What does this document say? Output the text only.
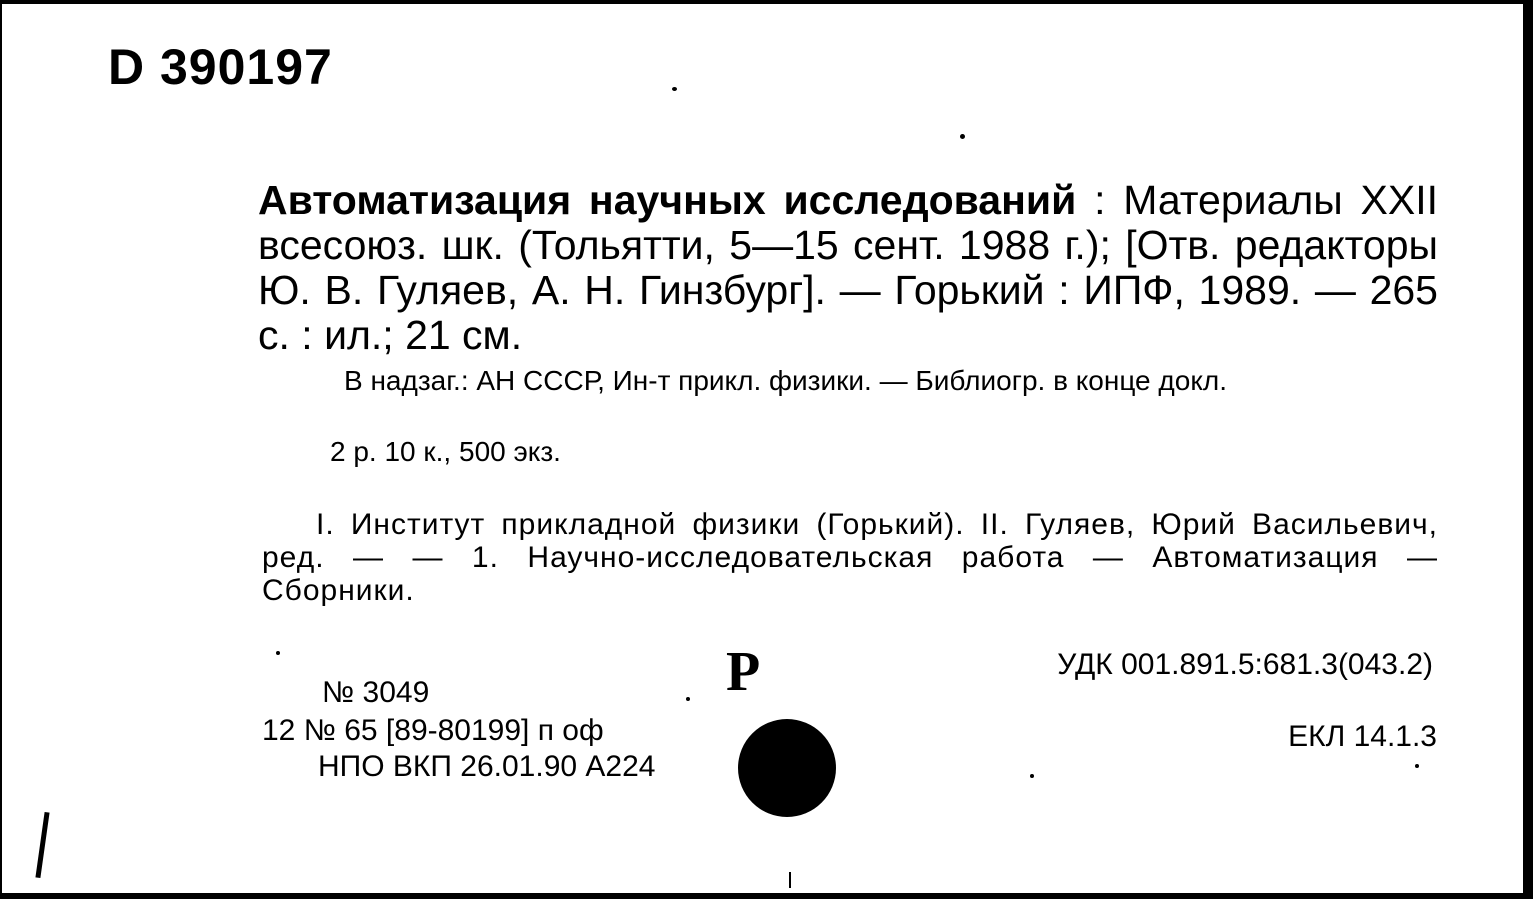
D 390197
Автоматизация научных исследований : Материалы XXII всесоюз. шк. (Тольятти, 5—15 сент. 1988 г.); [Отв. редакторы Ю. В. Гуляев, А. Н. Гинзбург]. — Горький : ИПФ, 1989. — 265 с. : ил.; 21 см.
В надзаг.: АН СССР, Ин-т прикл. физики. — Библиогр. в конце докл.
2 р. 10 к., 500 экз.
I. Институт прикладной физики (Горький). II. Гуляев, Юрий Васильевич, ред. — — 1. Научно-исследовательская работа — Автоматизация — Сборники.
Р	УДК 001.891.5:681.3(043.2)
ЕКЛ 14.1.3
№ 3049
12 № 65 [89-80199] п оф
НПО ВКП 26.01.90 А224
